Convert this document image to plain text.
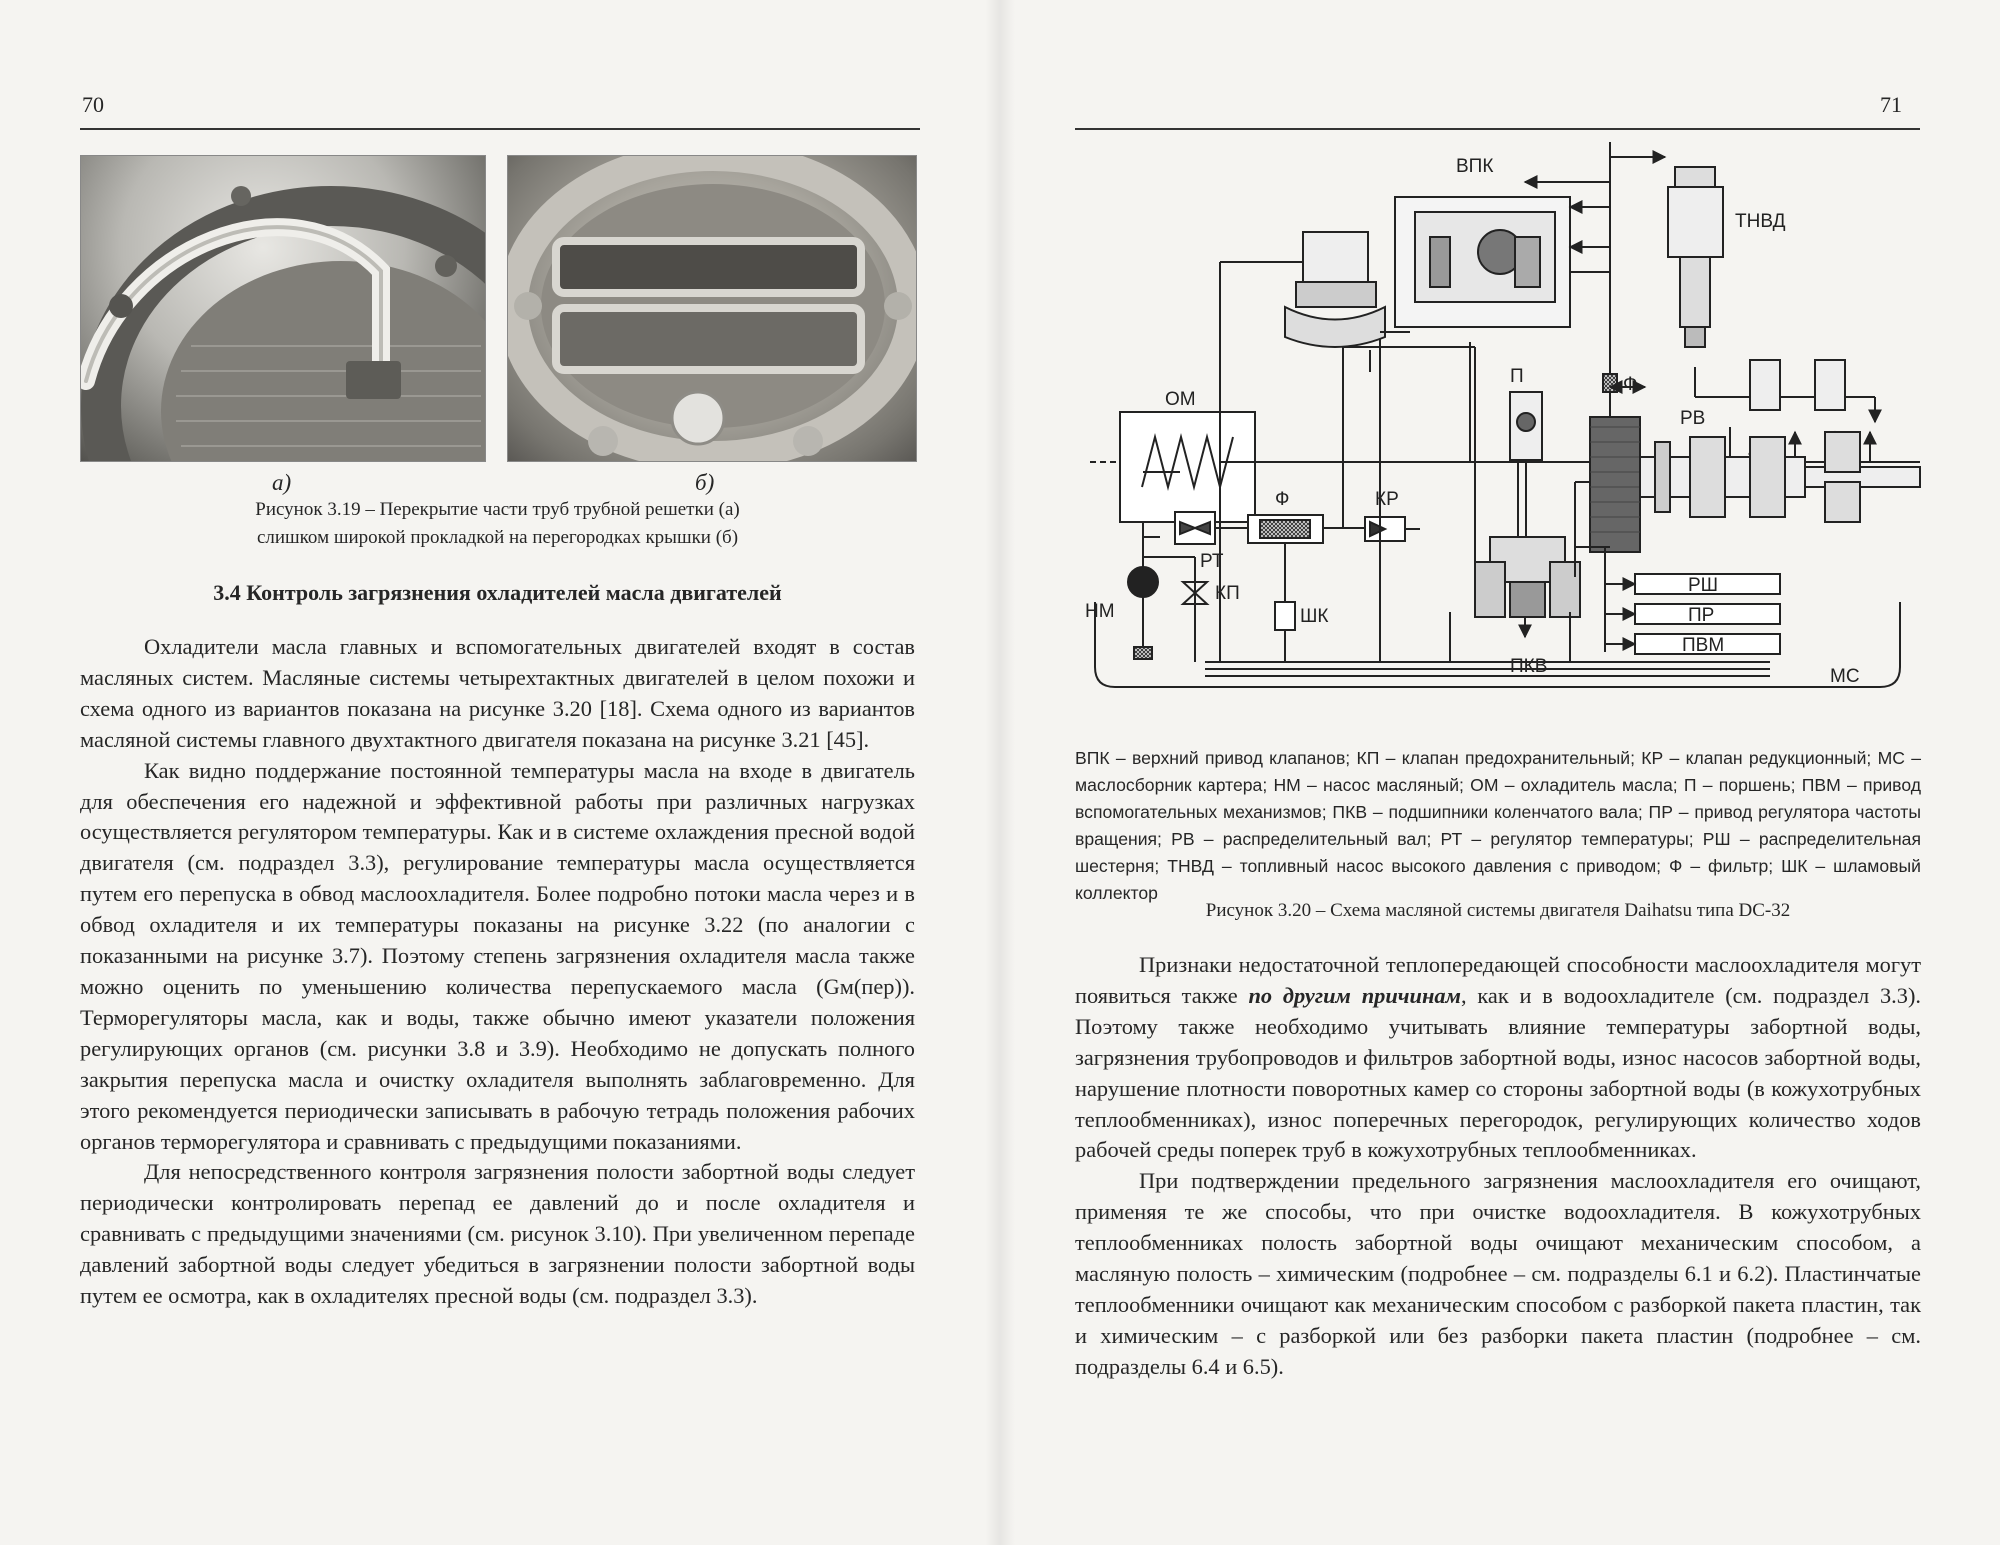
70
а)	б)
Рисунок 3.19 – Перекрытие части труб трубной решетки (а)
слишком широкой прокладкой на перегородках крышки (б)
3.4 Контроль загрязнения охладителей масла двигателей

Охладители масла главных и вспомогательных двигателей входят в состав масляных систем. Масляные системы четырехтактных двигателей в целом похожи и схема одного из вариантов показана на рисунке 3.20 [18]. Схема одного из вариантов масляной системы главного двухтактного двигателя показана на рисунке 3.21 [45].

Как видно поддержание постоянной температуры масла на входе в двигатель для обеспечения его надежной и эффективной работы при различных нагрузках осуществляется регулятором температуры. Как и в системе охлаждения пресной водой двигателя (см. подраздел 3.3), регулирование температуры масла осуществляется путем его перепуска в обвод маслоохладителя. Более подробно потоки масла через и в обвод охладителя и их температуры показаны на рисунке 3.22 (по аналогии с показанными на рисунке 3.7). Поэтому степень загрязнения охладителя масла также можно оценить по уменьшению количества перепускаемого масла (Gм(пер)). Терморегуляторы масла, как и воды, также обычно имеют указатели положения регулирующих органов (см. рисунки 3.8 и 3.9). Необходимо не допускать полного закрытия перепуска масла и очистку охладителя выполнять заблаговременно. Для этого рекомендуется периодически записывать в рабочую тетрадь положения рабочих органов терморегулятора и сравнивать с предыдущими показаниями.

Для непосредственного контроля загрязнения полости забортной воды следует периодически контролировать перепад ее давлений до и после охладителя и сравнивать с предыдущими значениями (см. рисунок 3.10). При увеличенном перепаде давлений забортной воды следует убедиться в загрязнении полости забортной воды путем ее осмотра, как в охладителях пресной воды (см. подраздел 3.3).

71
ВПК
ТНВД
ОМ
Ф
Ф
П
КР
РВ
РТ
ШК
НМ
КП
ПКВ
РШ
ПР
ПВМ
МС
ВПК – верхний привод клапанов; КП – клапан предохранительный; КР – клапан редукционный; МС – маслосборник картера; НМ – насос масляный; ОМ – охладитель масла; П – поршень; ПВМ – привод вспомогательных механизмов; ПКВ – подшипники коленчатого вала; ПР – привод регулятора частоты вращения; РВ – распределительный вал; РТ – регулятор температуры; РШ – распределительная шестерня; ТНВД – топливный насос высокого давления с приводом; Ф – фильтр; ШК – шламовый коллектор
Рисунок 3.20 – Схема масляной системы двигателя Daihatsu типа DC-32

Признаки недостаточной теплопередающей способности маслоохладителя могут появиться также по другим причинам, как и в водоохладителе (см. подраздел 3.3). Поэтому также необходимо учитывать влияние температуры забортной воды, загрязнения трубопроводов и фильтров забортной воды, износ насосов забортной воды, нарушение плотности поворотных камер со стороны забортной воды (в кожухотрубных теплообменниках), износ поперечных перегородок, регулирующих количество ходов рабочей среды поперек труб в кожухотрубных теплообменниках.

При подтверждении предельного загрязнения маслоохладителя его очищают, применяя те же способы, что при очистке водоохладителя. В кожухотрубных теплообменниках полость забортной воды очищают механическим способом, а масляную полость – химическим (подробнее – см. подразделы 6.1 и 6.2). Пластинчатые теплообменники очищают как механическим способом с разборкой пакета пластин, так и химическим – с разборкой или без разборки пакета пластин (подробнее – см. подразделы 6.4 и 6.5).
